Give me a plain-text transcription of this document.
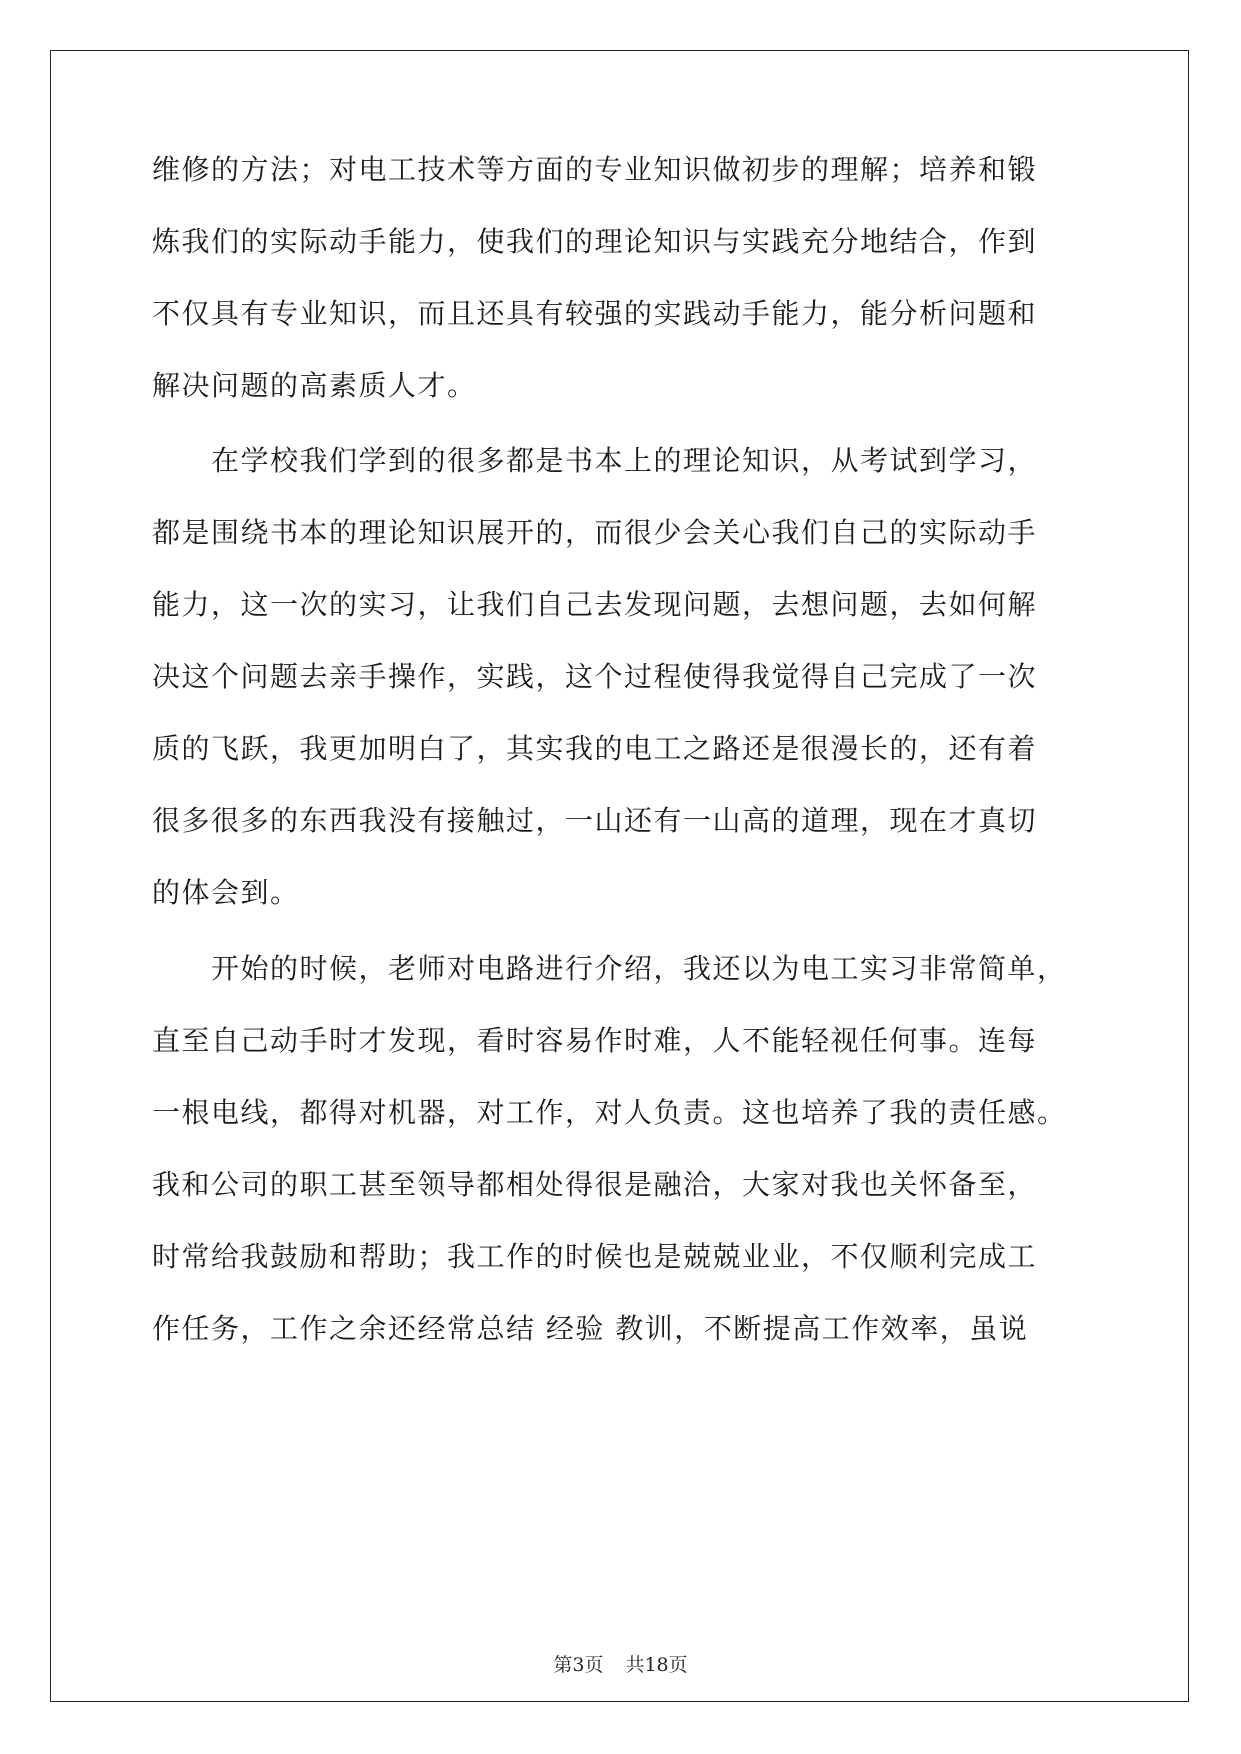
维修的方法；对电工技术等方面的专业知识做初步的理解；培养和锻
炼我们的实际动手能力，使我们的理论知识与实践充分地结合，作到
不仅具有专业知识，而且还具有较强的实践动手能力，能分析问题和
解决问题的高素质人才。
　　在学校我们学到的很多都是书本上的理论知识，从考试到学习，
都是围绕书本的理论知识展开的，而很少会关心我们自己的实际动手
能力，这一次的实习，让我们自己去发现问题，去想问题，去如何解
决这个问题去亲手操作，实践，这个过程使得我觉得自己完成了一次
质的飞跃，我更加明白了，其实我的电工之路还是很漫长的，还有着
很多很多的东西我没有接触过，一山还有一山高的道理，现在才真切
的体会到。
　　开始的时候，老师对电路进行介绍，我还以为电工实习非常简单，
直至自己动手时才发现，看时容易作时难，人不能轻视任何事。连每
一根电线，都得对机器，对工作，对人负责。这也培养了我的责任感。
我和公司的职工甚至领导都相处得很是融洽，大家对我也关怀备至，
时常给我鼓励和帮助；我工作的时候也是兢兢业业，不仅顺利完成工
作任务，工作之余还经常总结 经验 教训，不断提高工作效率，虽说
第3页 共18页
